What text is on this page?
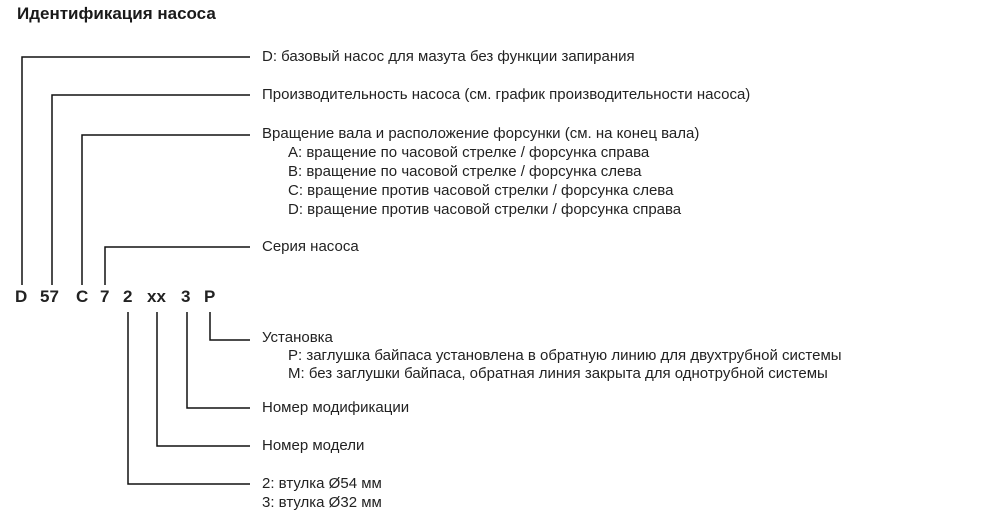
Идентификация насоса
D 57 C 7 2 xx 3 P
D: базовый насос для мазута без функции запирания
Производительность насоса (см. график производительности насоса)
Вращение вала и расположение форсунки (см. на конец вала)
A: вращение по часовой стрелке / форсунка справа
B: вращение по часовой стрелке / форсунка слева
C: вращение против часовой стрелки / форсунка слева
D: вращение против часовой стрелки / форсунка справа
Серия насоса
Установка
P: заглушка байпаса установлена в обратную линию для двухтрубной системы
M: без заглушки байпаса, обратная линия закрыта для однотрубной системы
Номер модификации
Номер модели
2: втулка Ø54 мм
3: втулка Ø32 мм
